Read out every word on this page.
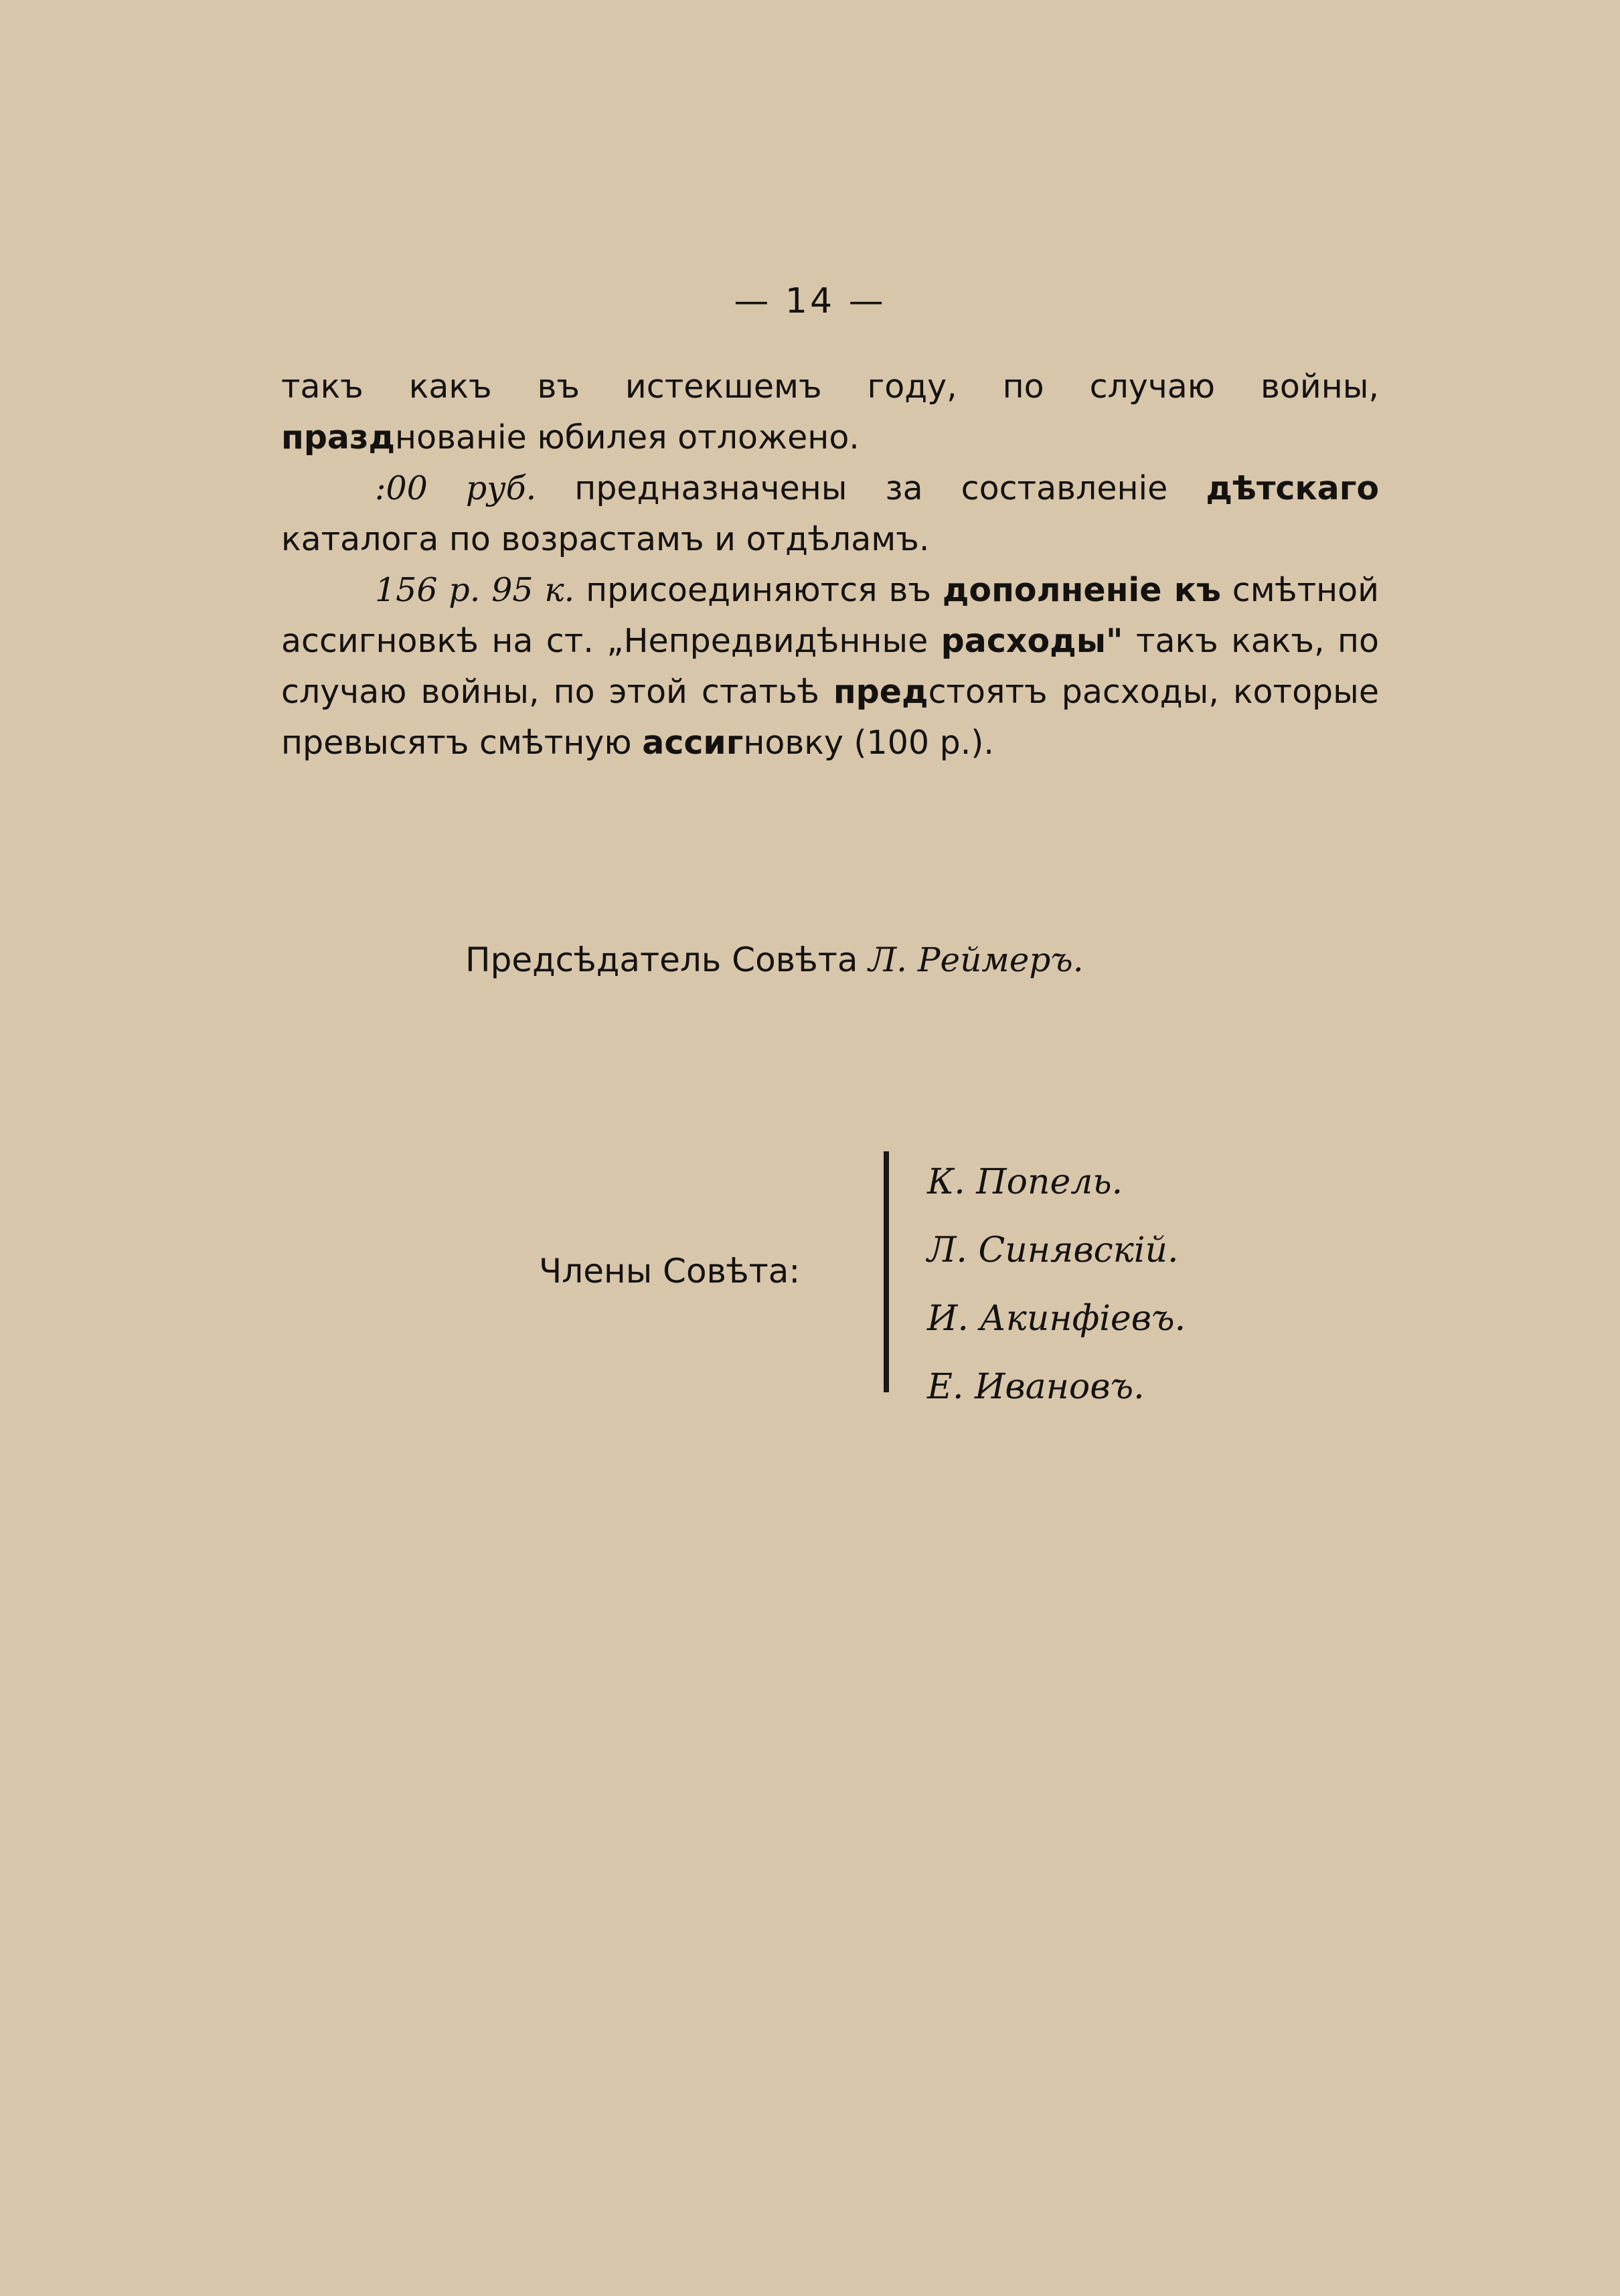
— 14 —

такъ какъ въ истекшемъ году, по случаю войны, празднованіе юбилея отложено.

:00 руб. предназначены за составленіе дѣтскаго каталога по возрастамъ и отдѣламъ.

156 р. 95 к. присоединяются въ дополненіе къ смѣтной ассигновкѣ на ст. „Непредвидѣнные расходы" такъ какъ, по случаю войны, по этой статьѣ предстоятъ расходы, которые превысятъ смѣтную ассигновку (100 р.).

Предсѣдатель Совѣта Л. Реймеръ.
Члены Совѣта:
К. Попель.
Л. Синявскій.
И. Акинфіевъ.
Е. Ивановъ.
